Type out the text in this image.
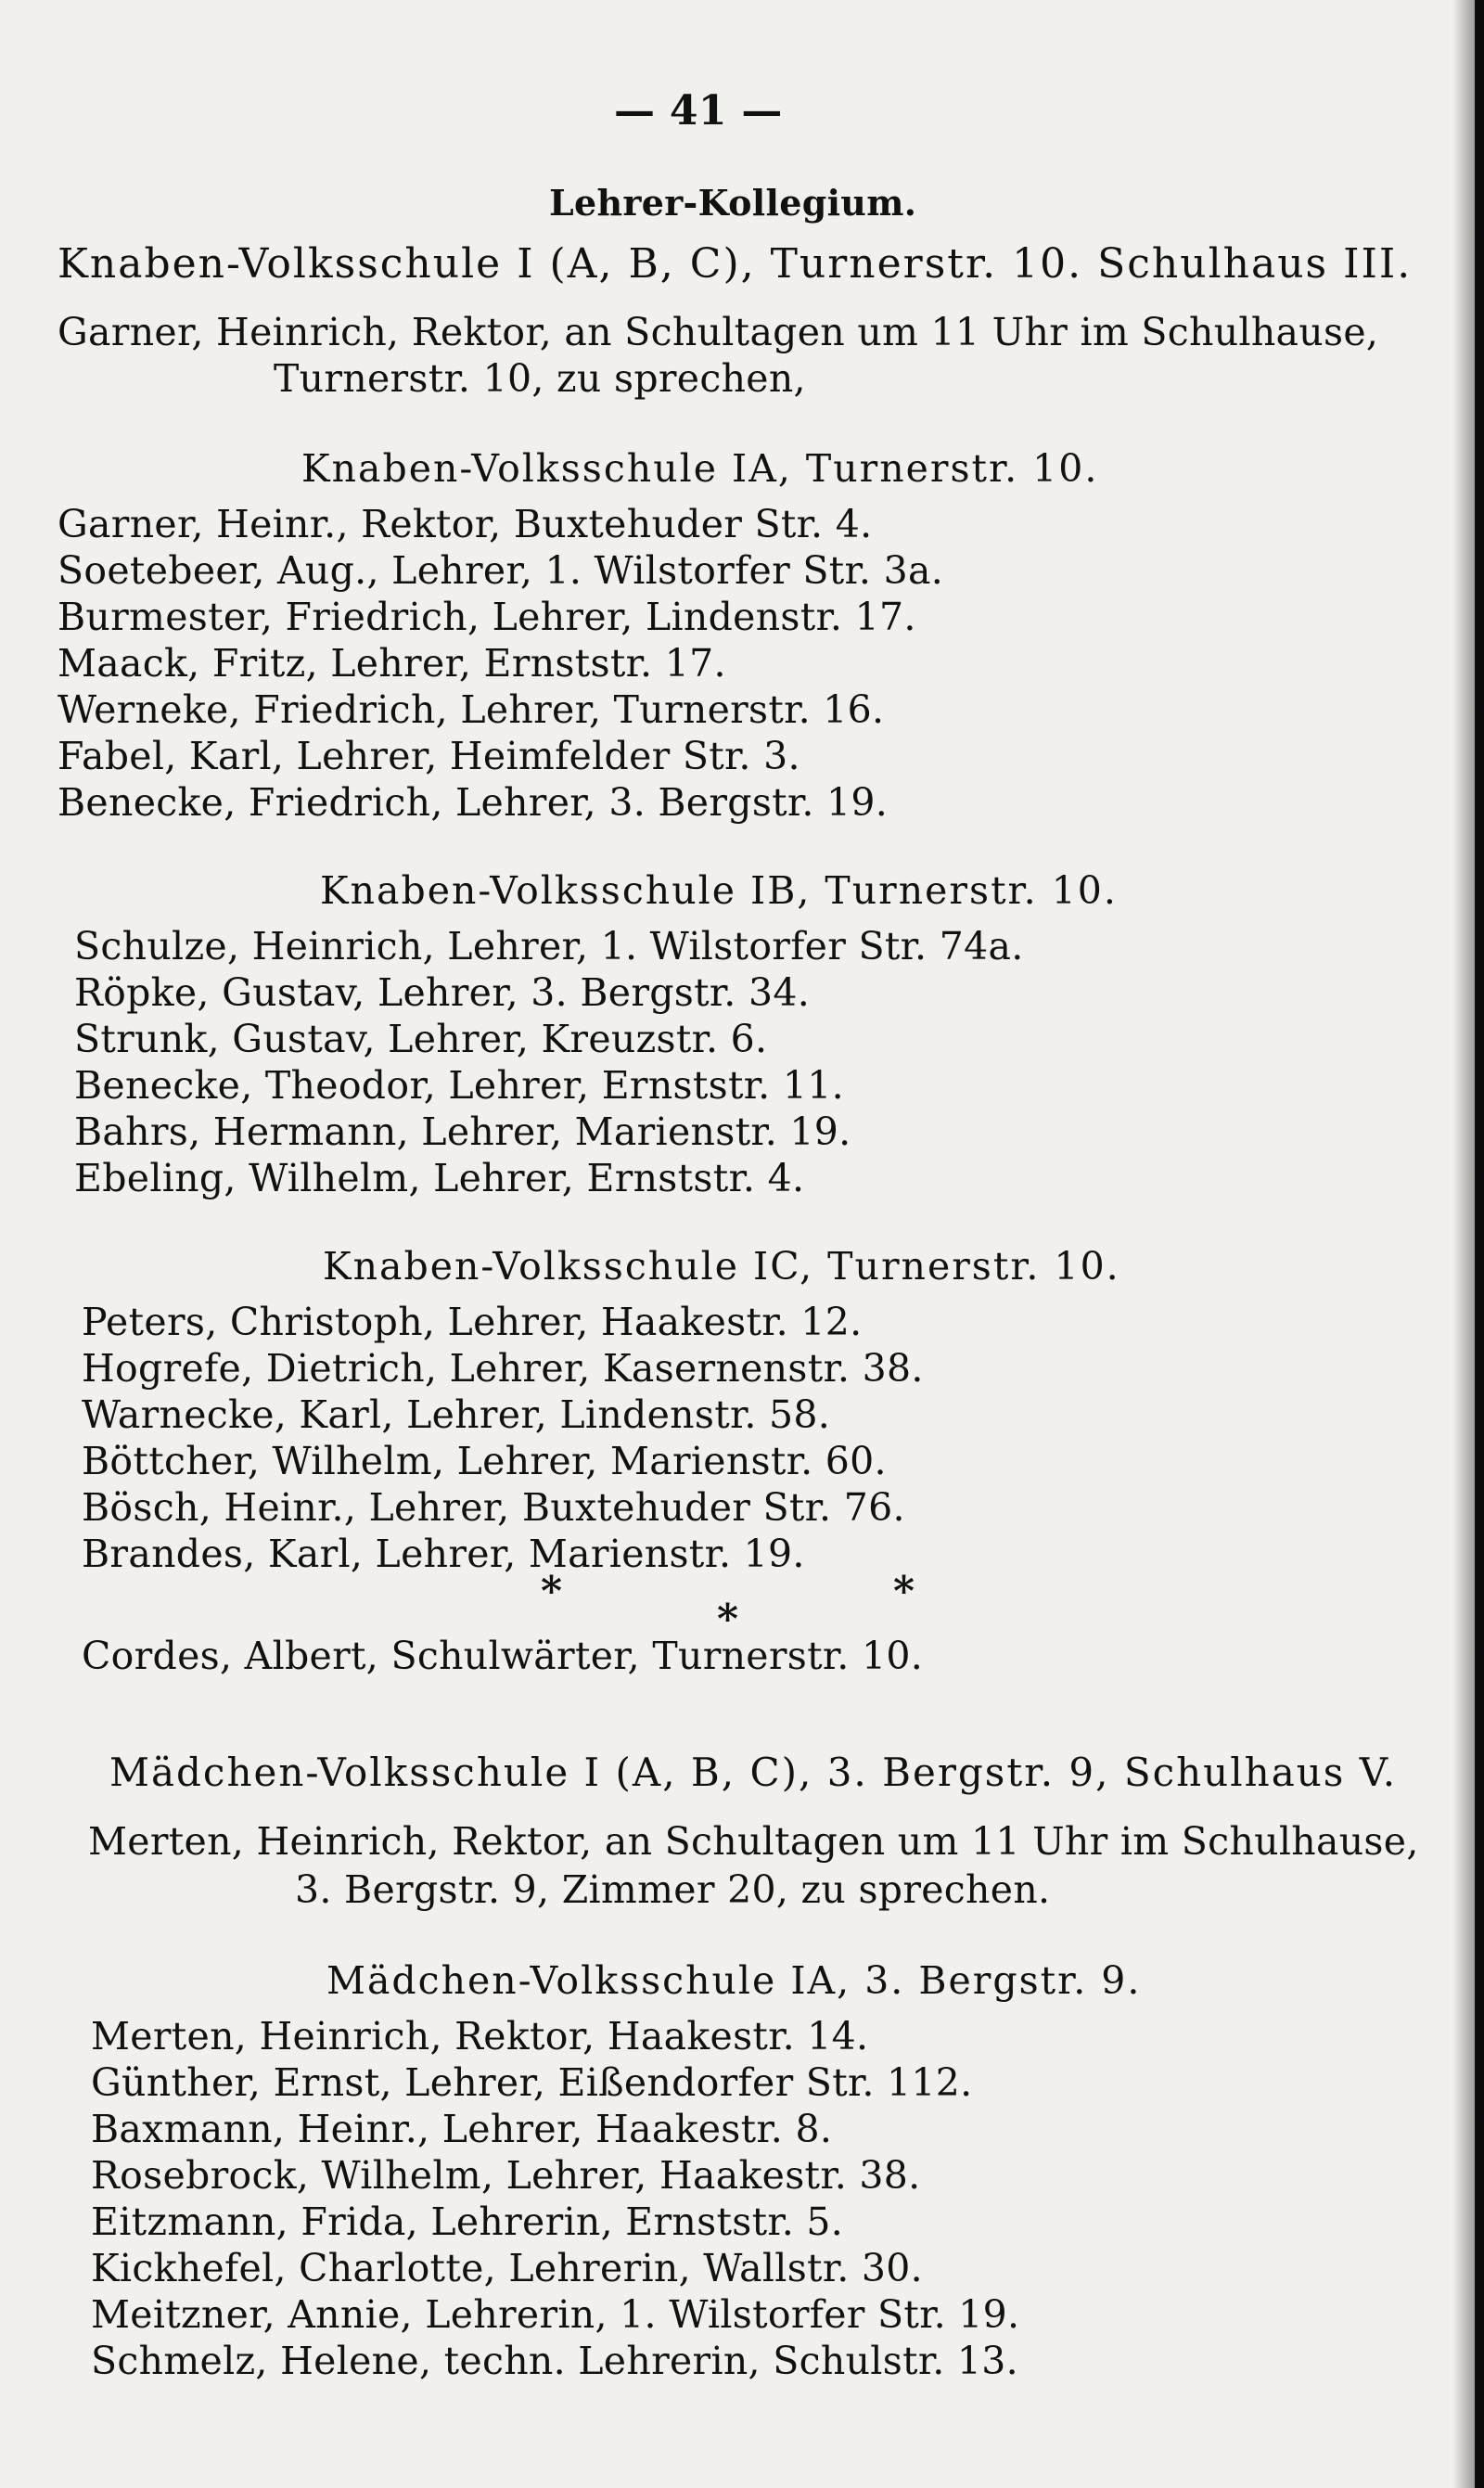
— 41 —
Lehrer-Kollegium.
Knaben-Volksschule I (A, B, C), Turnerstr. 10. Schulhaus III.
Garner, Heinrich, Rektor, an Schultagen um 11 Uhr im Schulhause,
Turnerstr. 10, zu sprechen,
Knaben-Volksschule IA, Turnerstr. 10.
Garner, Heinr., Rektor, Buxtehuder Str. 4.
Soetebeer, Aug., Lehrer, 1. Wilstorfer Str. 3a.
Burmester, Friedrich, Lehrer, Lindenstr. 17.
Maack, Fritz, Lehrer, Ernststr. 17.
Werneke, Friedrich, Lehrer, Turnerstr. 16.
Fabel, Karl, Lehrer, Heimfelder Str. 3.
Benecke, Friedrich, Lehrer, 3. Bergstr. 19.
Knaben-Volksschule IB, Turnerstr. 10.
Schulze, Heinrich, Lehrer, 1. Wilstorfer Str. 74a.
Röpke, Gustav, Lehrer, 3. Bergstr. 34.
Strunk, Gustav, Lehrer, Kreuzstr. 6.
Benecke, Theodor, Lehrer, Ernststr. 11.
Bahrs, Hermann, Lehrer, Marienstr. 19.
Ebeling, Wilhelm, Lehrer, Ernststr. 4.
Knaben-Volksschule IC, Turnerstr. 10.
Peters, Christoph, Lehrer, Haakestr. 12.
Hogrefe, Dietrich, Lehrer, Kasernenstr. 38.
Warnecke, Karl, Lehrer, Lindenstr. 58.
Böttcher, Wilhelm, Lehrer, Marienstr. 60.
Bösch, Heinr., Lehrer, Buxtehuder Str. 76.
Brandes, Karl, Lehrer, Marienstr. 19.
*
*
*
Cordes, Albert, Schulwärter, Turnerstr. 10.
Mädchen-Volksschule I (A, B, C), 3. Bergstr. 9, Schulhaus V.
Merten, Heinrich, Rektor, an Schultagen um 11 Uhr im Schulhause,
3. Bergstr. 9, Zimmer 20, zu sprechen.
Mädchen-Volksschule IA, 3. Bergstr. 9.
Merten, Heinrich, Rektor, Haakestr. 14.
Günther, Ernst, Lehrer, Eißendorfer Str. 112.
Baxmann, Heinr., Lehrer, Haakestr. 8.
Rosebrock, Wilhelm, Lehrer, Haakestr. 38.
Eitzmann, Frida, Lehrerin, Ernststr. 5.
Kickhefel, Charlotte, Lehrerin, Wallstr. 30.
Meitzner, Annie, Lehrerin, 1. Wilstorfer Str. 19.
Schmelz, Helene, techn. Lehrerin, Schulstr. 13.
